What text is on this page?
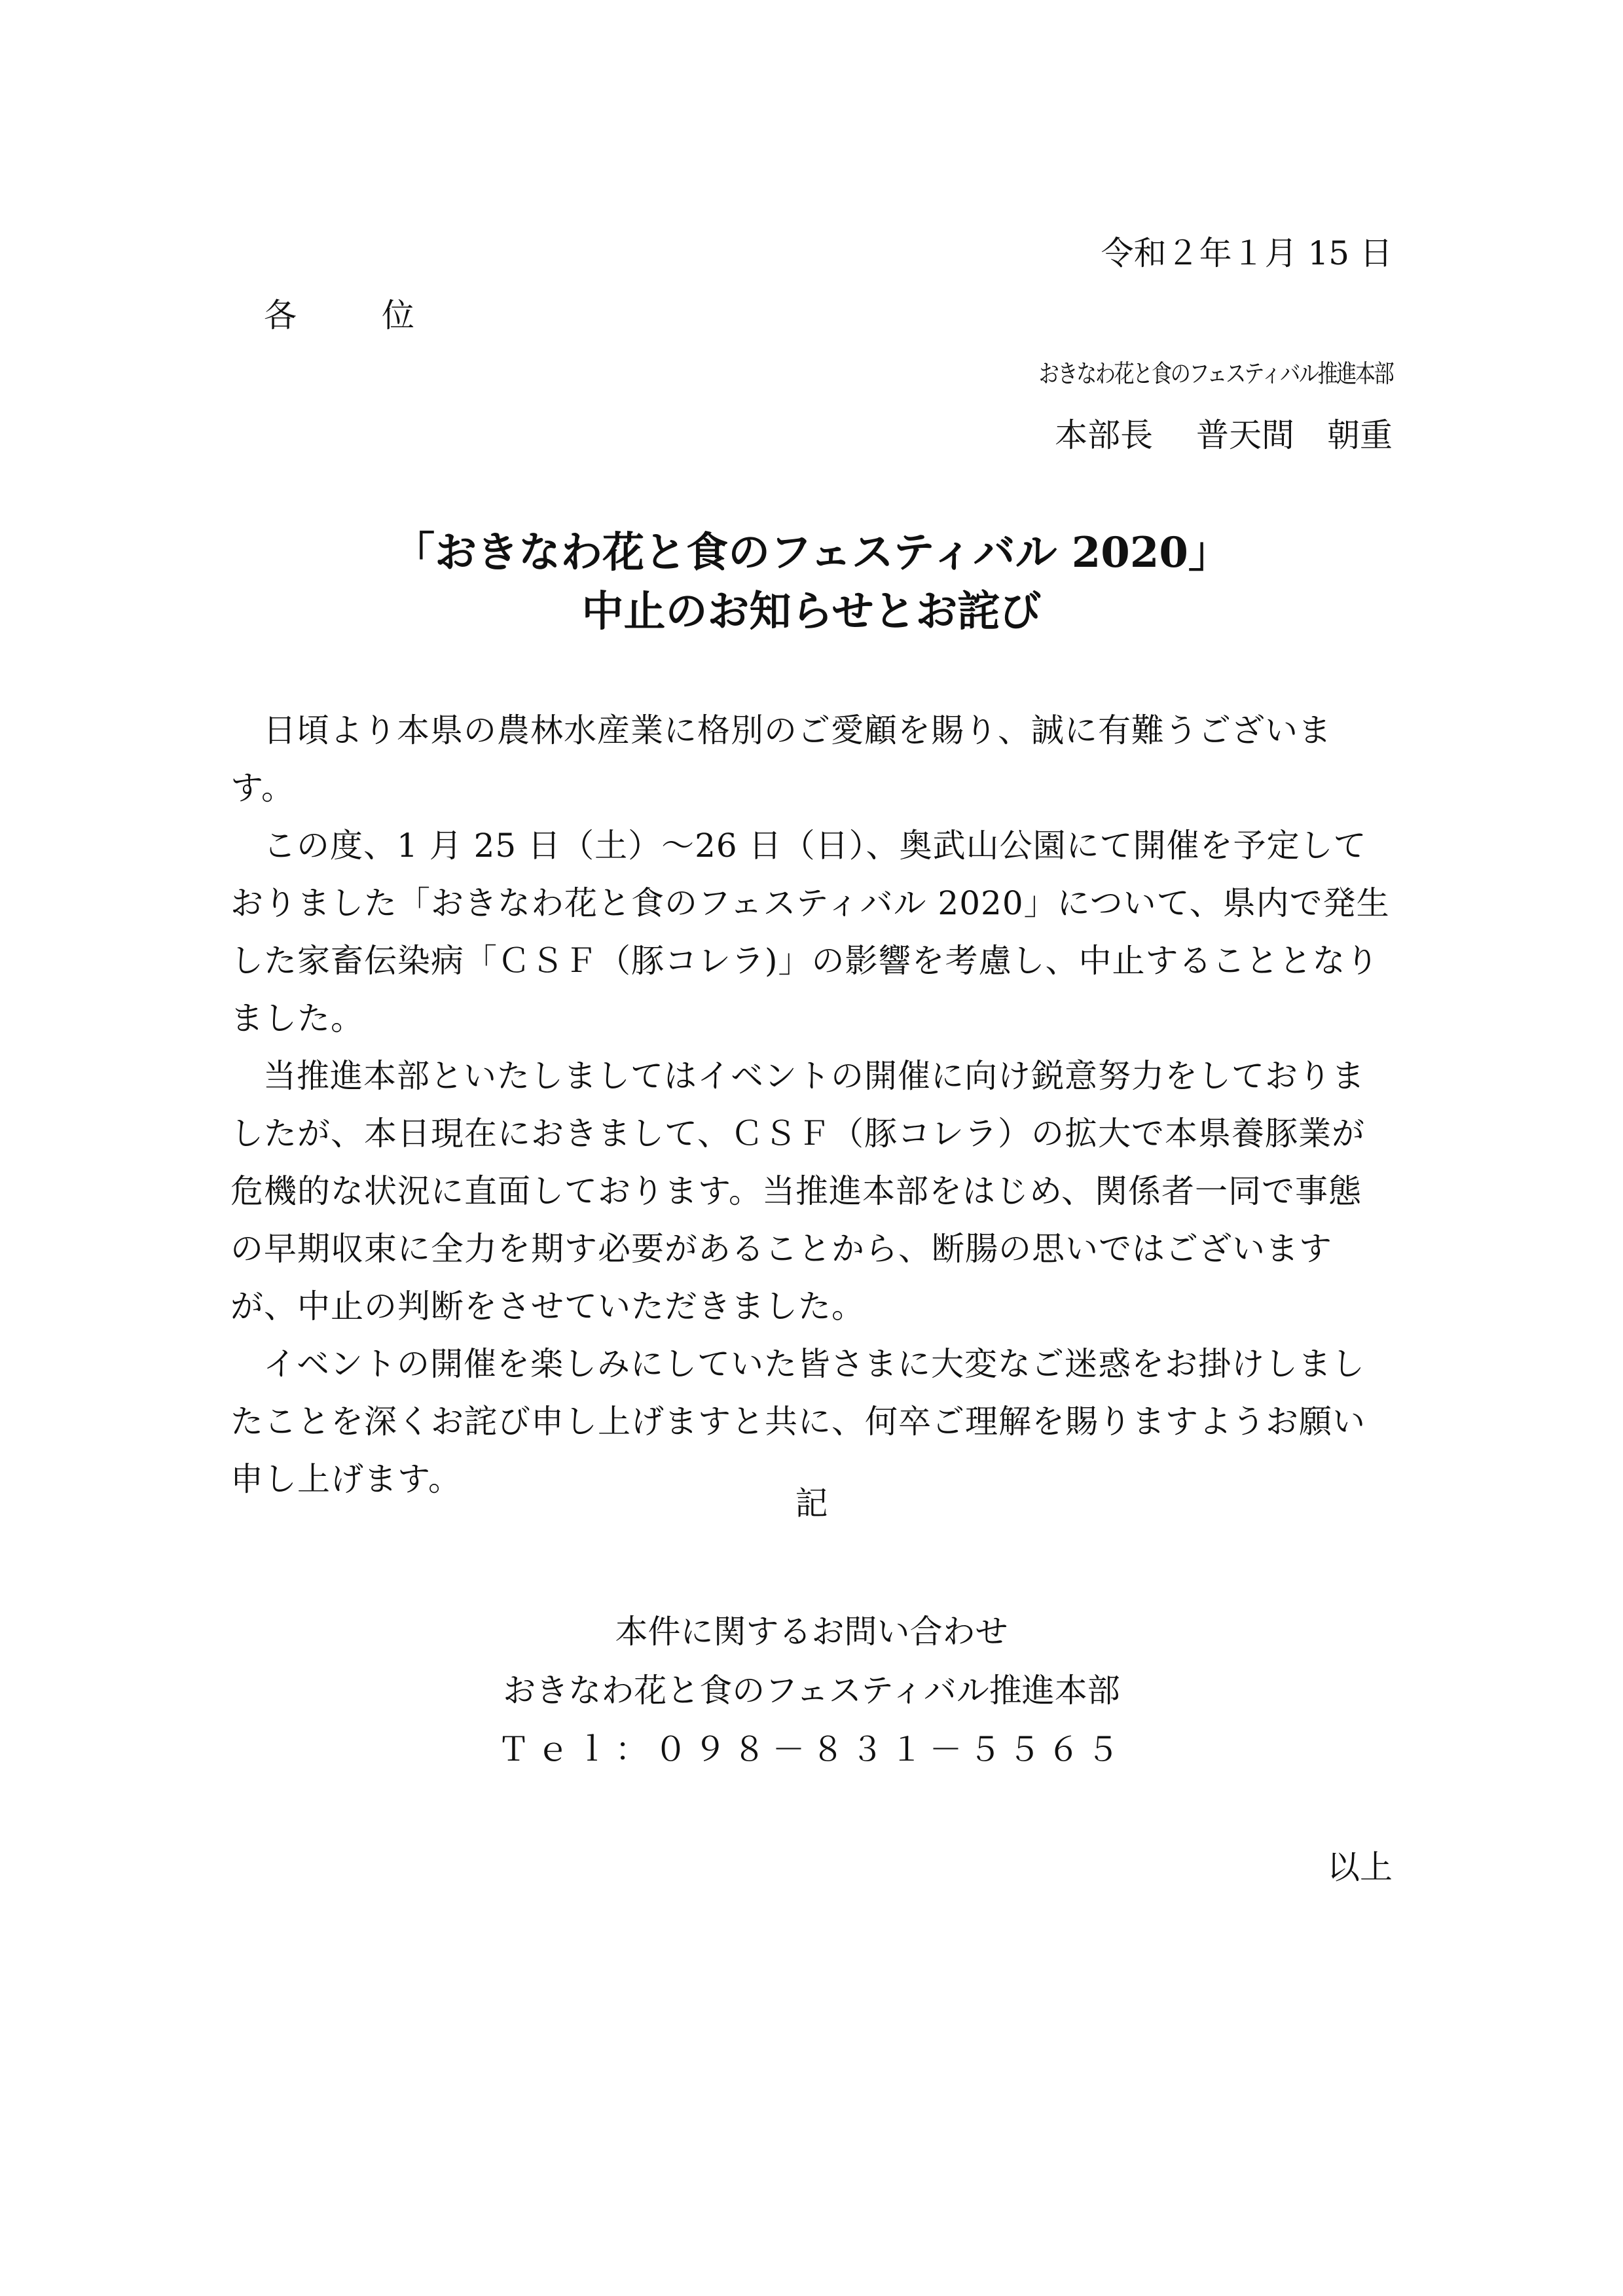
令和２年１月 15 日
各　位
おきなわ花と食のフェスティバル推進本部
本部長　 普天間　朝重
「おきなわ花と食のフェスティバル 2020」
中止のお知らせとお詫び

日頃より本県の農林水産業に格別のご愛顧を賜り、誠に有難うございます。

この度、1 月 25 日（土）～26 日（日）、奥武山公園にて開催を予定しておりました「おきなわ花と食のフェスティバル 2020」について、県内で発生した家畜伝染病「ＣＳＦ（豚コレラ)」の影響を考慮し、中止することとなりました。

当推進本部といたしましてはイベントの開催に向け鋭意努力をしておりましたが、本日現在におきまして、ＣＳＦ（豚コレラ）の拡大で本県養豚業が危機的な状況に直面しております。当推進本部をはじめ、関係者一同で事態の早期収束に全力を期す必要があることから、断腸の思いではございますが、中止の判断をさせていただきました。

イベントの開催を楽しみにしていた皆さまに大変なご迷惑をお掛けしましたことを深くお詫び申し上げますと共に、何卒ご理解を賜りますようお願い申し上げます。

記
本件に関するお問い合わせ
おきなわ花と食のフェスティバル推進本部
Ｔｅｌ：０９８－８３１－５５６５
以上
